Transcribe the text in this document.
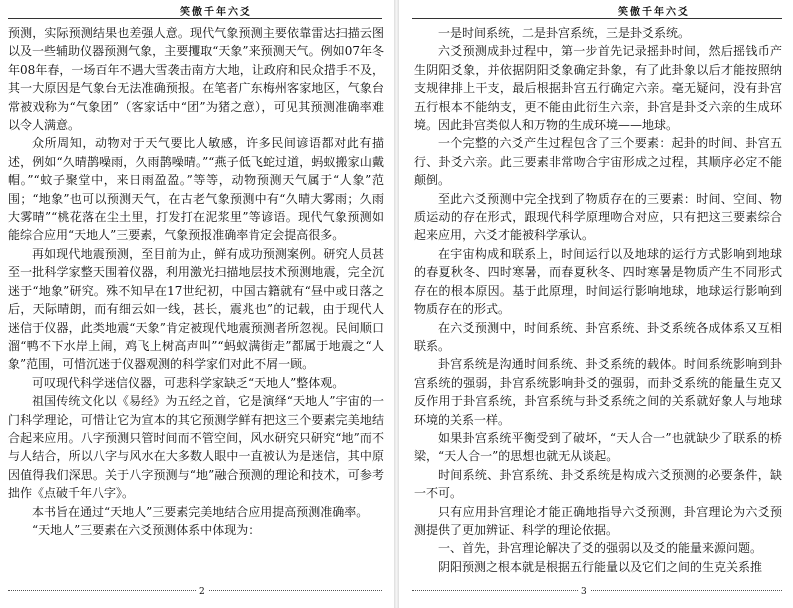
笑傲千年六爻

预测，实际预测结果也差强人意。现代气象预测主要依靠雷达扫描云图以及一些辅助仪器预测气象，主要攫取“天象”来预测天气。例如07年冬年08年春，一场百年不遇大雪袭击南方大地，让政府和民众措手不及，其一大原因是气象台无法准确预报。在笔者广东梅州客家地区，气象台常被戏称为“气象团”（客家话中“团”为猪之意），可见其预测准确率难以令人满意。

众所周知，动物对于天气要比人敏感，许多民间谚语都对此有描述，例如“久晴鹊噪雨，久雨鹊噪晴。”“燕子低飞蛇过道，蚂蚁搬家山戴帽。”“蚊子聚堂中，来日雨盈盈。”等等，动物预测天气属于“人象”范围；“地象”也可以预测天气，在古老气象预测中有“久晴大雾雨；久雨大雾晴”“桃花落在尘土里，打发打在泥浆里”等谚语。现代气象预测如能综合应用“天地人”三要素，气象预报准确率肯定会提高很多。

再如现代地震预测，至目前为止，鲜有成功预测案例。研究人员甚至一批科学家整天围着仪器，利用激光扫描地层技术预测地震，完全沉迷于“地象”研究。殊不知早在17世纪初，中国古籍就有“昼中或日落之后，天际晴朗，而有细云如一线，甚长，震兆也”的记载，由于现代人迷信于仪器，此类地震“天象”肯定被现代地震预测者所忽视。民间顺口溜“鸭不下水岸上闹，鸡飞上树高声叫”“蚂蚁满街走”都属于地震之“人象”范围，可惜沉迷于仪器观测的科学家们对此不屑一顾。

可叹现代科学迷信仪器，可悲科学家缺乏“天地人”整体观。

祖国传统文化以《易经》为五经之首，它是演绎“天地人”宇宙的一门科学理论，可惜让它为宣本的其它预测学鲜有把这三个要素完美地结合起来应用。八字预测只管时间而不管空间，风水研究只研究“地”而不与人结合，所以八字与风水在大多数人眼中一直被认为是迷信，其中原因值得我们深思。关于八字预测与“地”融合预测的理论和技术，可参考拙作《点破千年八字》。

本书旨在通过“天地人”三要素完美地结合应用提高预测准确率。

“天地人”三要素在六爻预测体系中体现为：

2
笑傲千年六爻

一是时间系统，二是卦宫系统，三是卦爻系统。

六爻预测成卦过程中，第一步首先记录摇卦时间，然后摇钱币产生阴阳爻象，并依据阴阳爻象确定卦象，有了此卦象以后才能按照纳支规律排上干支，最后根据卦宫五行确定六亲。毫无疑问，没有卦宫五行根本不能纳支，更不能由此衍生六亲，卦宫是卦爻六亲的生成环境。因此卦宫类似人和万物的生成环境——地球。

一个完整的六爻产生过程包含了三个要素：起卦的时间、卦宫五行、卦爻六亲。此三要素非常吻合宇宙形成之过程，其顺序必定不能颠倒。

至此六爻预测中完全找到了物质存在的三要素：时间、空间、物质运动的存在形式，跟现代科学原理吻合对应，只有把这三要素综合起来应用，六爻才能被科学承认。

在宇宙构成和联系上，时间运行以及地球的运行方式影响到地球的春夏秋冬、四时寒暑，而春夏秋冬、四时寒暑是物质产生不同形式存在的根本原因。基于此原理，时间运行影响地球，地球运行影响到物质存在的形式。

在六爻预测中，时间系统、卦宫系统、卦爻系统各成体系又互相联系。

卦宫系统是沟通时间系统、卦爻系统的载体。时间系统影响到卦宫系统的强弱，卦宫系统影响卦爻的强弱，而卦爻系统的能量生克又反作用于卦宫系统，卦宫系统与卦爻系统之间的关系就好象人与地球环境的关系一样。

如果卦宫系统平衡受到了破坏，“天人合一”也就缺少了联系的桥梁，“天人合一”的思想也就无从谈起。

时间系统、卦宫系统、卦爻系统是构成六爻预测的必要条件，缺一不可。

只有应用卦宫理论才能正确地指导六爻预测，卦宫理论为六爻预测提供了更加辨证、科学的理论依据。

一、首先，卦宫理论解决了爻的强弱以及爻的能量来源问题。

阴阳预测之根本就是根据五行能量以及它们之间的生克关系推

3
